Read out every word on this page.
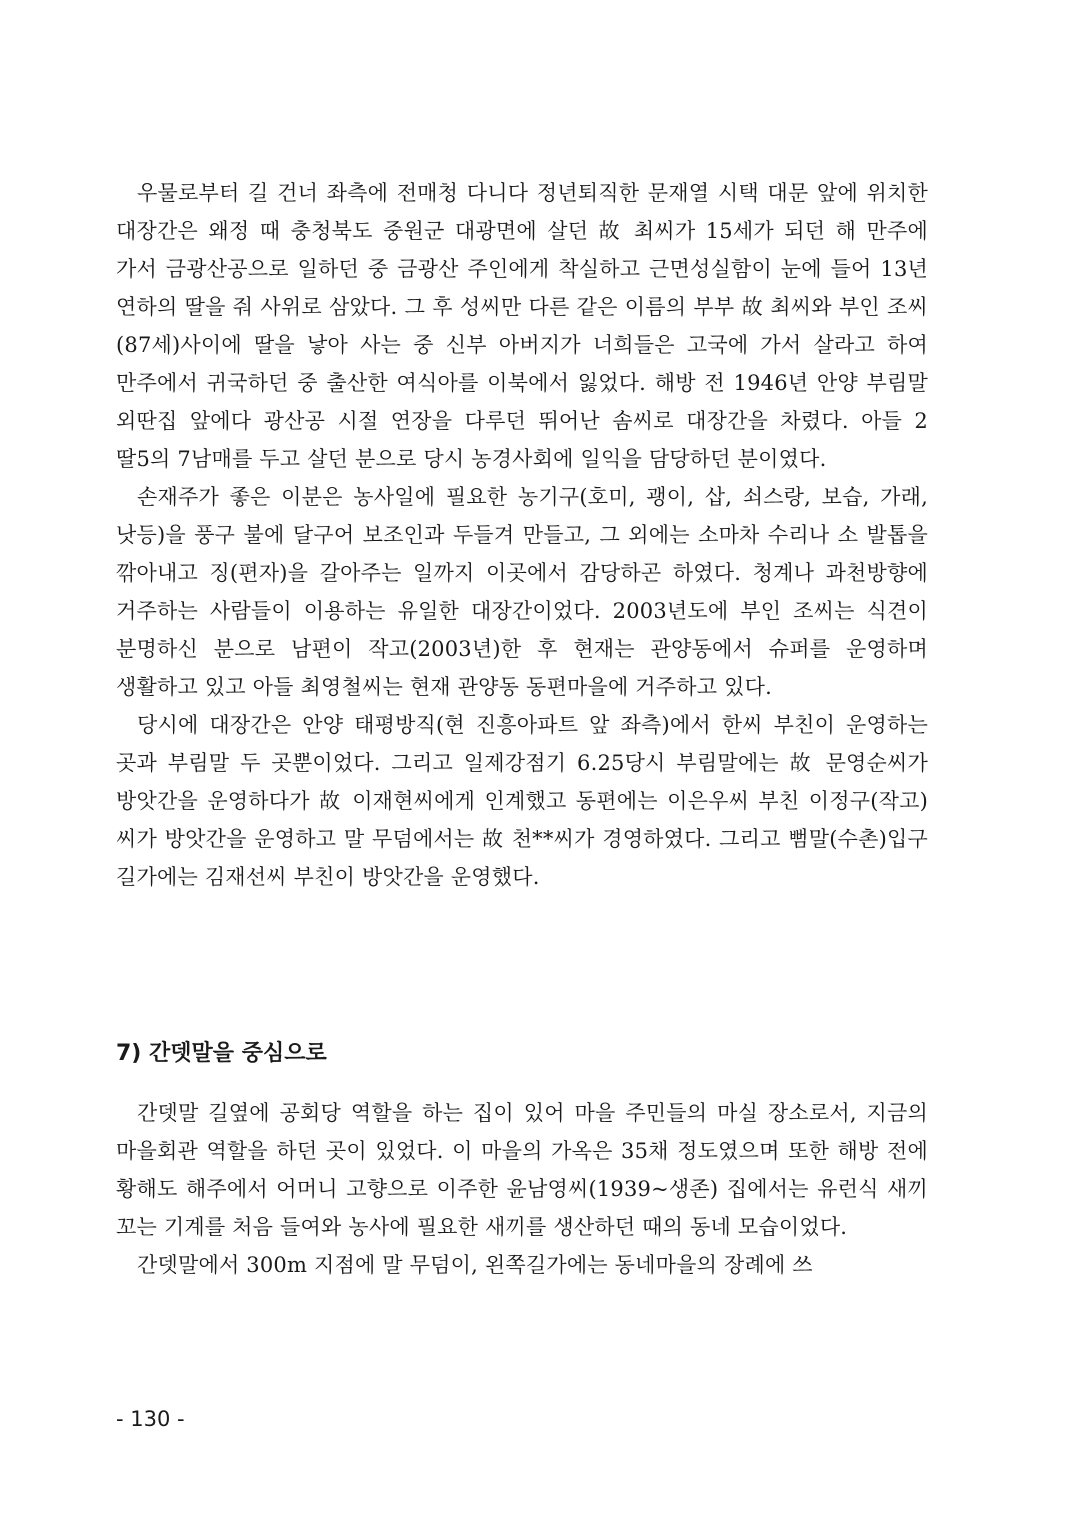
우물로부터 길 건너 좌측에 전매청 다니다 정년퇴직한 문재열 시택 대문 앞에 위치한 대장간은 왜정 때 충청북도 중원군 대광면에 살던 故 최씨가 15세가 되던 해 만주에 가서 금광산공으로 일하던 중 금광산 주인에게 착실하고 근면성실함이 눈에 들어 13년 연하의 딸을 줘 사위로 삼았다. 그 후 성씨만 다른 같은 이름의 부부 故 최씨와 부인 조씨 (87세)사이에 딸을 낳아 사는 중 신부 아버지가 너희들은 고국에 가서 살라고 하여 만주에서 귀국하던 중 출산한 여식아를 이북에서 잃었다. 해방 전 1946년 안양 부림말 외딴집 앞에다 광산공 시절 연장을 다루던 뛰어난 솜씨로 대장간을 차렸다. 아들 2 딸5의 7남매를 두고 살던 분으로 당시 농경사회에 일익을 담당하던 분이였다.

손재주가 좋은 이분은 농사일에 필요한 농기구(호미, 괭이, 삽, 쇠스랑, 보습, 가래, 낫등)을 풍구 불에 달구어 보조인과 두들겨 만들고, 그 외에는 소마차 수리나 소 발톱을 깎아내고 징(편자)을 갈아주는 일까지 이곳에서 감당하곤 하였다. 청계나 과천방향에 거주하는 사람들이 이용하는 유일한 대장간이었다. 2003년도에 부인 조씨는 식견이 분명하신 분으로 남편이 작고(2003년)한 후 현재는 관양동에서 슈퍼를 운영하며 생활하고 있고 아들 최영철씨는 현재 관양동 동편마을에 거주하고 있다.

당시에 대장간은 안양 태평방직(현 진흥아파트 앞 좌측)에서 한씨 부친이 운영하는 곳과 부림말 두 곳뿐이었다. 그리고 일제강점기 6.25당시 부림말에는 故 문영순씨가 방앗간을 운영하다가 故 이재현씨에게 인계했고 동편에는 이은우씨 부친 이정구(작고)씨가 방앗간을 운영하고 말 무덤에서는 故 천**씨가 경영하였다. 그리고 뻠말(수촌)입구 길가에는 김재선씨 부친이 방앗간을 운영했다.

7) 간뎃말을 중심으로

간뎃말 길옆에 공회당 역할을 하는 집이 있어 마을 주민들의 마실 장소로서, 지금의 마을회관 역할을 하던 곳이 있었다. 이 마을의 가옥은 35채 정도였으며 또한 해방 전에 황해도 해주에서 어머니 고향으로 이주한 윤남영씨(1939~생존) 집에서는 유런식 새끼 꼬는 기계를 처음 들여와 농사에 필요한 새끼를 생산하던 때의 동네 모습이었다.

간뎃말에서 300m 지점에 말 무덤이, 왼쪽길가에는 동네마을의 장례에 쓰

- 130 -
